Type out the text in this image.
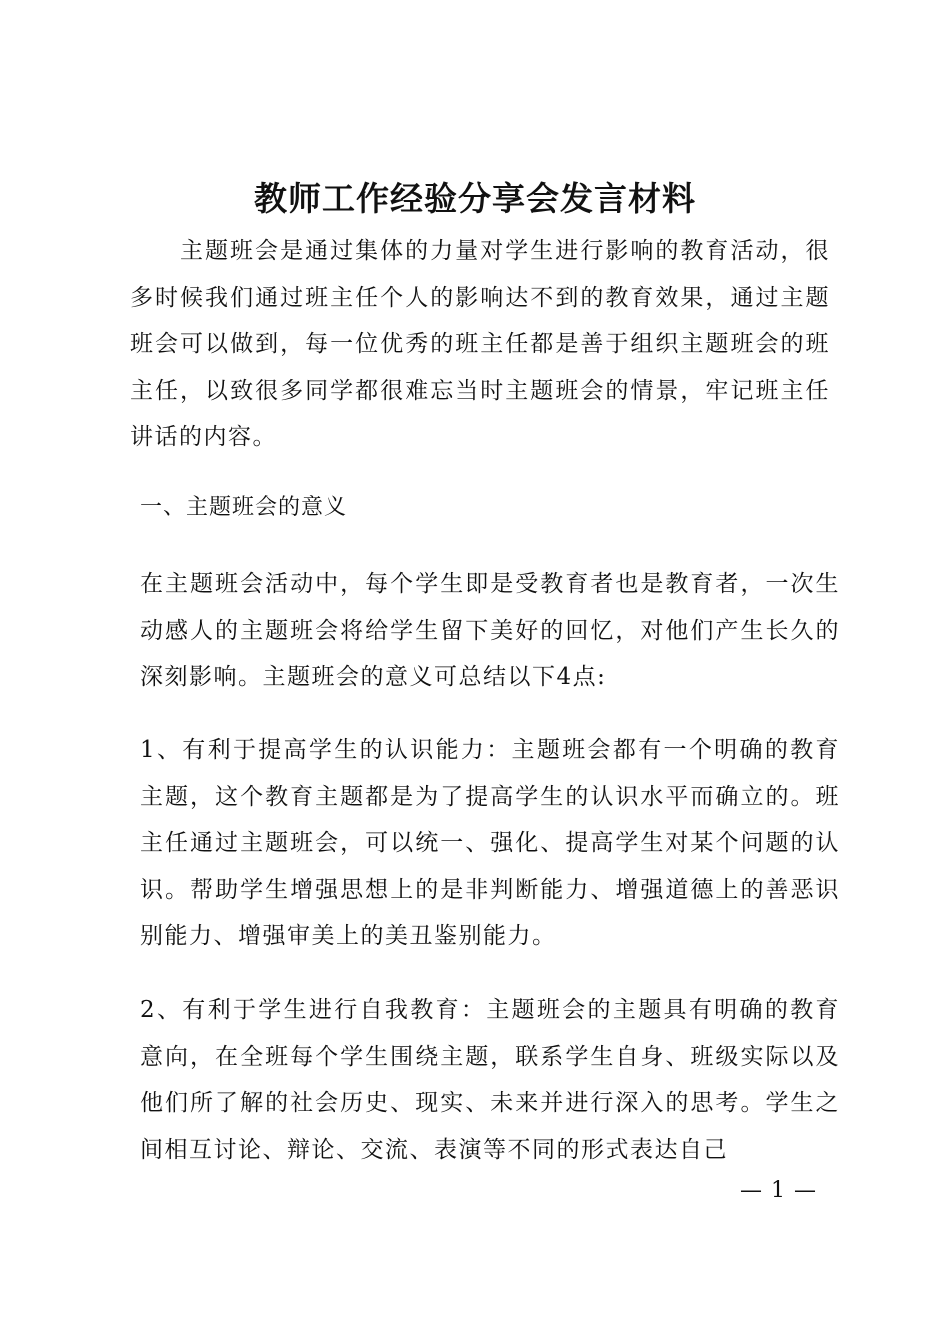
教师工作经验分享会发言材料
主题班会是通过集体的力量对学生进行影响的教育活动，很多时候我们通过班主任个人的影响达不到的教育效果，通过主题班会可以做到，每一位优秀的班主任都是善于组织主题班会的班主任，以致很多同学都很难忘当时主题班会的情景，牢记班主任讲话的内容。
一、主题班会的意义
在主题班会活动中，每个学生即是受教育者也是教育者，一次生动感人的主题班会将给学生留下美好的回忆，对他们产生长久的深刻影响。主题班会的意义可总结以下4点:
1、有利于提高学生的认识能力：主题班会都有一个明确的教育主题，这个教育主题都是为了提高学生的认识水平而确立的。班主任通过主题班会，可以统一、强化、提高学生对某个问题的认识。帮助学生增强思想上的是非判断能力、增强道德上的善恶识别能力、增强审美上的美丑鉴别能力。
2、有利于学生进行自我教育：主题班会的主题具有明确的教育意向，在全班每个学生围绕主题，联系学生自身、班级实际以及他们所了解的社会历史、现实、未来并进行深入的思考。学生之间相互讨论、辩论、交流、表演等不同的形式表达自己
— 1 —
